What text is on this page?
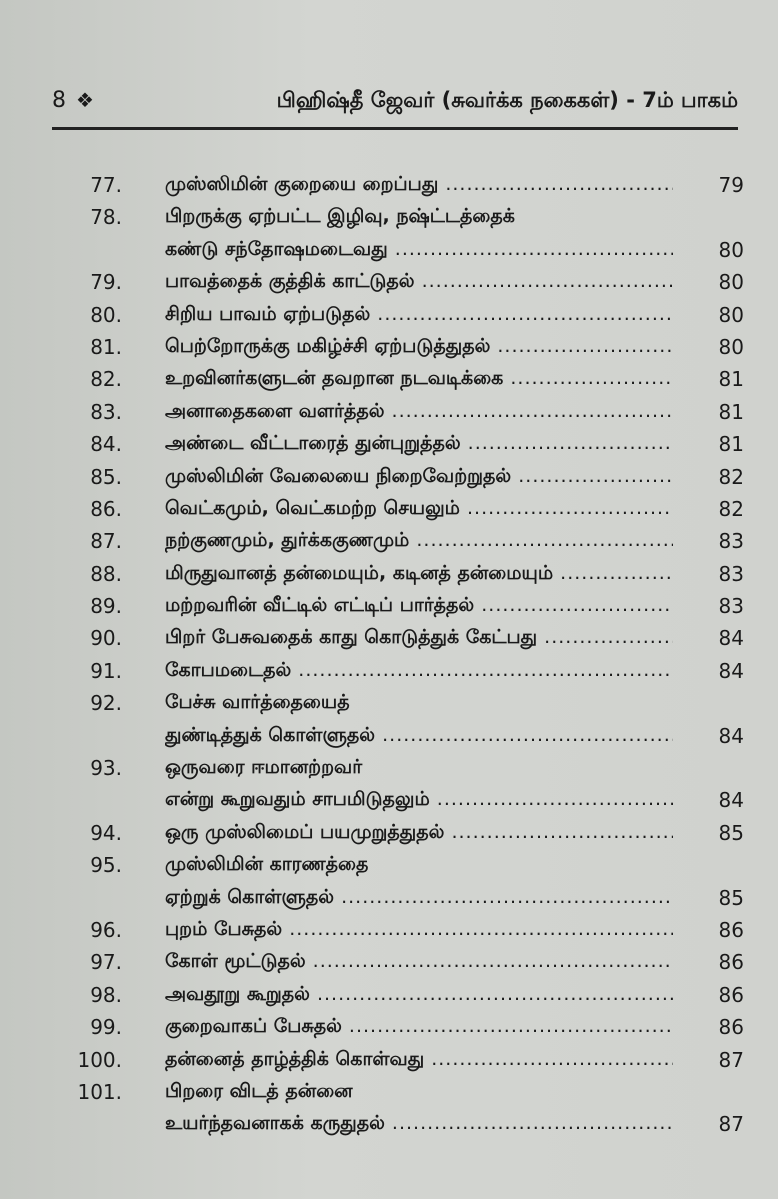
8 ❖	பிஹிஷ்தீ ஜேவர் (சுவர்க்க நகைகள்) - 7ம் பாகம்
77. முஸ்ஸிமின் குறையை றைப்பது .....	79
78. பிறருக்கு ஏற்பட்ட இழிவு, நஷ்ட்டத்தைக்
கண்டு சந்தோஷமடைவது .....	80
79. பாவத்தைக் குத்திக் காட்டுதல் .....	80
80. சிறிய பாவம் ஏற்படுதல் .....	80
81. பெற்றோருக்கு மகிழ்ச்சி ஏற்படுத்துதல் .....	80
82. உறவினர்களுடன் தவறான நடவடிக்கை .....	81
83. அனாதைகளை வளர்த்தல் .....	81
84. அண்டை வீட்டாரைத் துன்புறுத்தல் .....	81
85. முஸ்லிமின் வேலையை நிறைவேற்றுதல் .....	82
86. வெட்கமும், வெட்கமற்ற செயலும் .....	82
87. நற்குணமும், துர்க்ககுணமும் .....	83
88. மிருதுவானத் தன்மையும், கடினத் தன்மையும் .....	83
89. மற்றவரின் வீட்டில் எட்டிப் பார்த்தல் .....	83
90. பிறர் பேசுவதைக் காது கொடுத்துக் கேட்பது .....	84
91. கோபமடைதல் .....	84
92. பேச்சு வார்த்தையைத்
துண்டித்துக் கொள்ளுதல் .....	84
93. ஒருவரை ஈமானற்றவர்
என்று கூறுவதும் சாபமிடுதலும் .....	84
94. ஒரு முஸ்லிமைப் பயமுறுத்துதல் .....	85
95. முஸ்லிமின் காரணத்தை
ஏற்றுக் கொள்ளுதல் .....	85
96. புறம் பேசுதல் .....	86
97. கோள் மூட்டுதல் .....	86
98. அவதூறு கூறுதல் .....	86
99. குறைவாகப் பேசுதல் .....	86
100. தன்னைத் தாழ்த்திக் கொள்வது .....	87
101. பிறரை விடத் தன்னை
உயர்ந்தவனாகக் கருதுதல் .....	87
